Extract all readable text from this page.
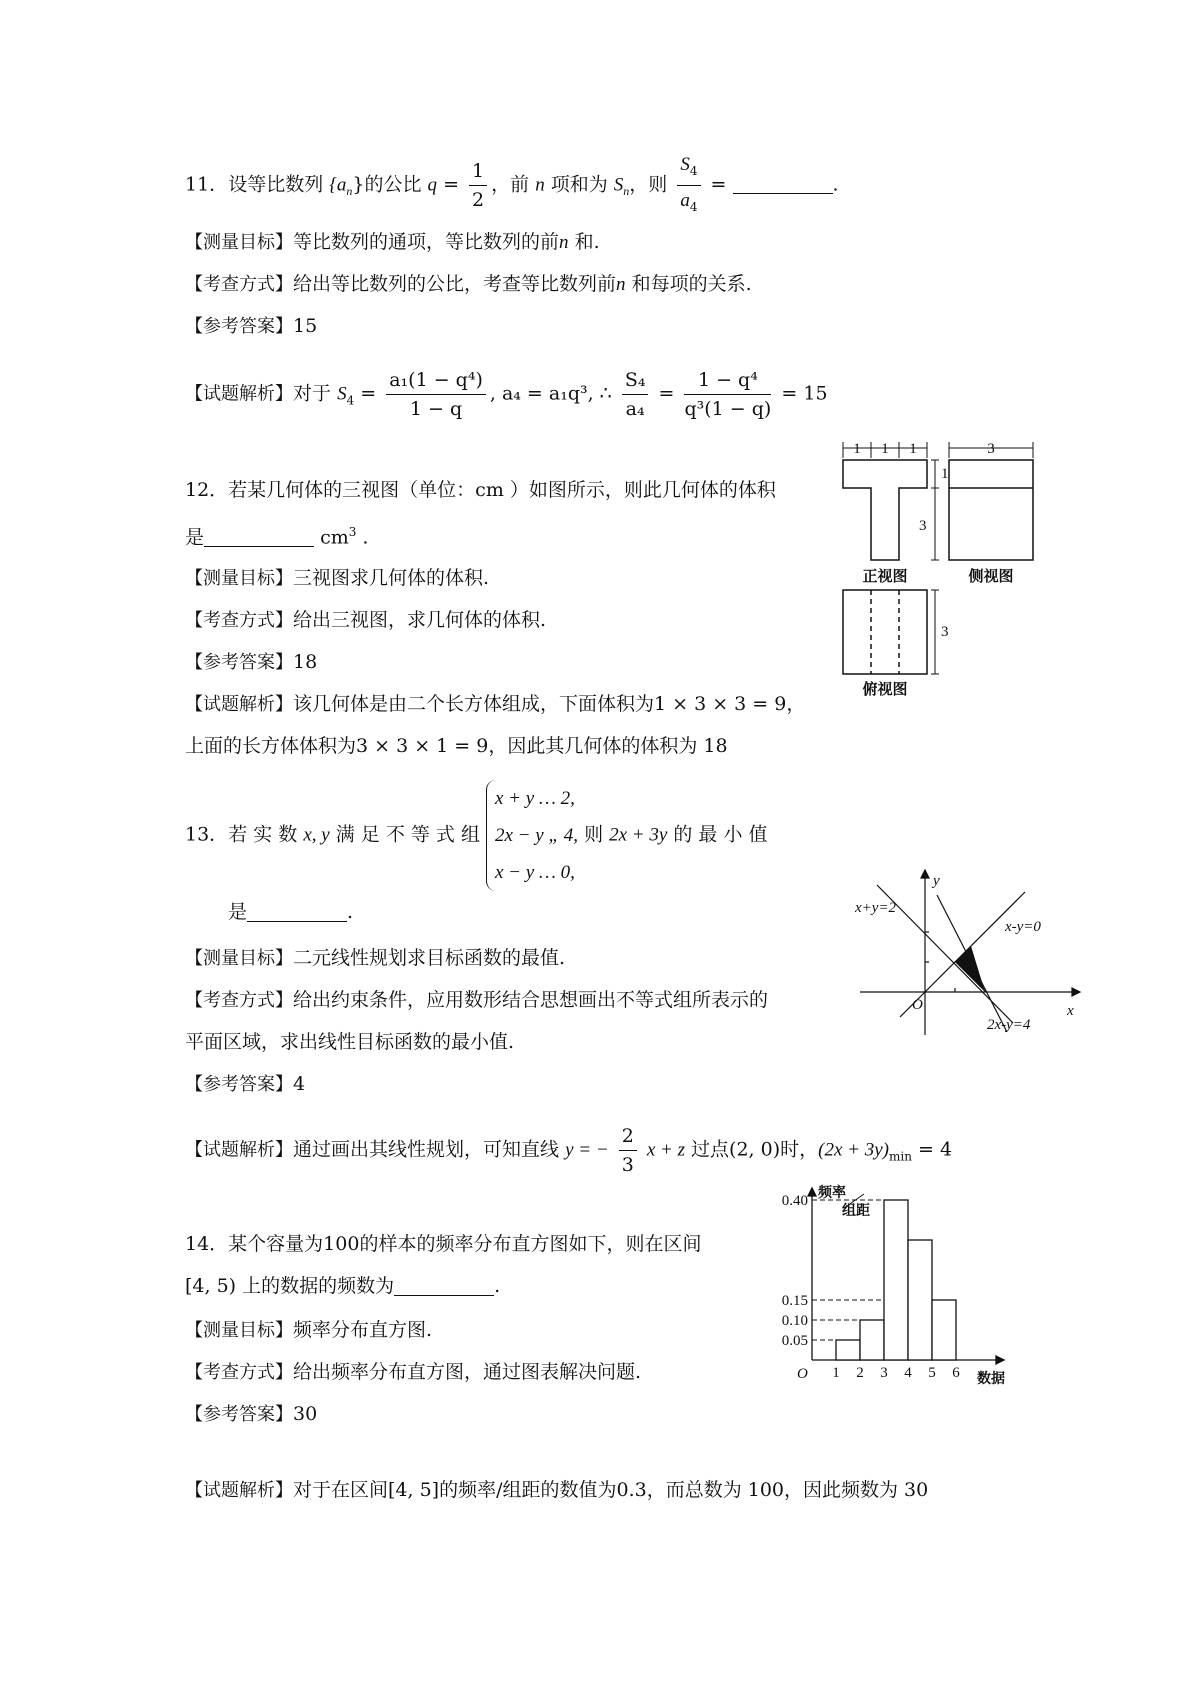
11．设等比数列 $\{a_n\}$的公比 $q = \frac{1}{2}$ ，前 n 项和为 $S_n$，则 $\frac{S_4}{a_4}$ =	.
【测量目标】等比数列的通项，等比数列的前n 和.
【考查方式】给出等比数列的公比，考查等比数列前n 和每项的关系.
【参考答案】15
【试题解析】对于 $S_4 = \frac{\text{a₁(1 − q⁴)}}{1 - q}$ , a₄ = a₁q³, ∴ $\frac{\text{S₄}}{\text{a₄}} = \frac{\text{1 − q⁴}}{\text{q³(1 − q)}} = 15$
12．若某几何体的三视图（单位：cm ）如图所示，则此几何体的体积
是	$cm^3$ .
【测量目标】三视图求几何体的体积.
【考查方式】给出三视图，求几何体的体积.
【参考答案】18
【试题解析】该几何体是由二个长方体组成，下面体积为1 × 3 × 3 = 9，
上面的长方体体积为3 × 3 × 1 = 9，因此其几何体的体积为 18
1 1 1	3
1
3
3
正视图	侧视图
俯视图
13．若 实 数 x, y 满 足 不 等 式 组 x + y … 2,
2x − y „ 4,
x − y … 0, 则 2x + 3y 的 最 小 值
是	.
【测量目标】二元线性规划求目标函数的最值.
【考查方式】给出约束条件，应用数形结合思想画出不等式组所表示的
平面区域，求出线性目标函数的最小值.
【参考答案】4
【试题解析】通过画出其线性规划，可知直线 y = − $\frac{2}{3}$ x + z 过点(2, 0)时，$(2x + 3y)_{min} = 4$
y
x
O
x+y=2
x-y=0
2x-y=4
14．某个容量为100的样本的频率分布直方图如下，则在区间
[4, 5) 上的数据的频数为	.
【测量目标】频率分布直方图.
【考查方式】给出频率分布直方图，通过图表解决问题.
【参考答案】30
【试题解析】对于在区间[4, 5]的频率/组距的数值为0.3，而总数为 100，因此频数为 30
0.05
0.10
0.15
0.40
1 2 3 4 5 6
频率
组距
O	数据
